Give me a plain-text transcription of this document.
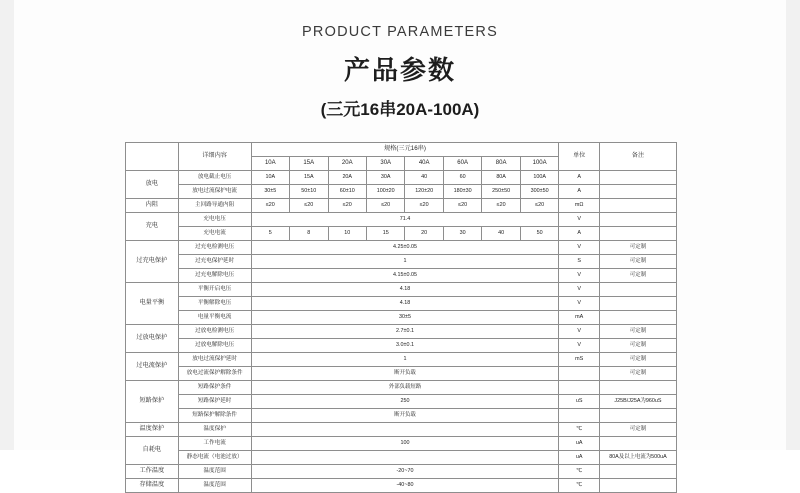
PRODUCT PARAMETERS
产品参数
(三元16串20A-100A)
	详细内容	规格(三元16串)								单位	备注
		10A	15A	20A	30A	40A	60A	80A	100A		
放电	放电截止电压	10A	15A	20A	30A	40	60	80A	100A	A	
	放电过流保护电流	30±5	50±10	60±10	100±20	120±20	180±30	250±50	300±50	A	
内阻	主回路导通内阻	≤20	≤20	≤20	≤20	≤20	≤20	≤20	≤20	mΩ	
充电	充电电压	71.4								V	
	充电电流	5	8	10	15	20	30	40	50	A	
过充电保护	过充电检测电压	4.25±0.05								V	可定制
	过充电保护延时	1								S	可定制
	过充电解除电压	4.15±0.05								V	可定制
电量平衡	平衡开启电压	4.18								V	
	平衡解除电压	4.18								V	
	电量平衡电流	30±5								mA	
过放电保护	过放电检测电压	2.7±0.1								V	可定制
	过放电解除电压	3.0±0.1								V	可定制
过电流保护	放电过流保护延时	1								mS	可定制
	放电过流保护解除条件	断开负载									可定制
短路保护	短路保护条件	外部负载短路									
	短路保护延时	250								uS	J25B/J25A为960uS
	短路保护解除条件	断开负载									
温度保护	温度保护									℃	可定制
自耗电	工作电流	100								uA	
	静态电流（电池过放）									uA	80A及以上电流为500uA
工作温度	温度范围	-20~70								℃	
存储温度	温度范围	-40~80								℃	
